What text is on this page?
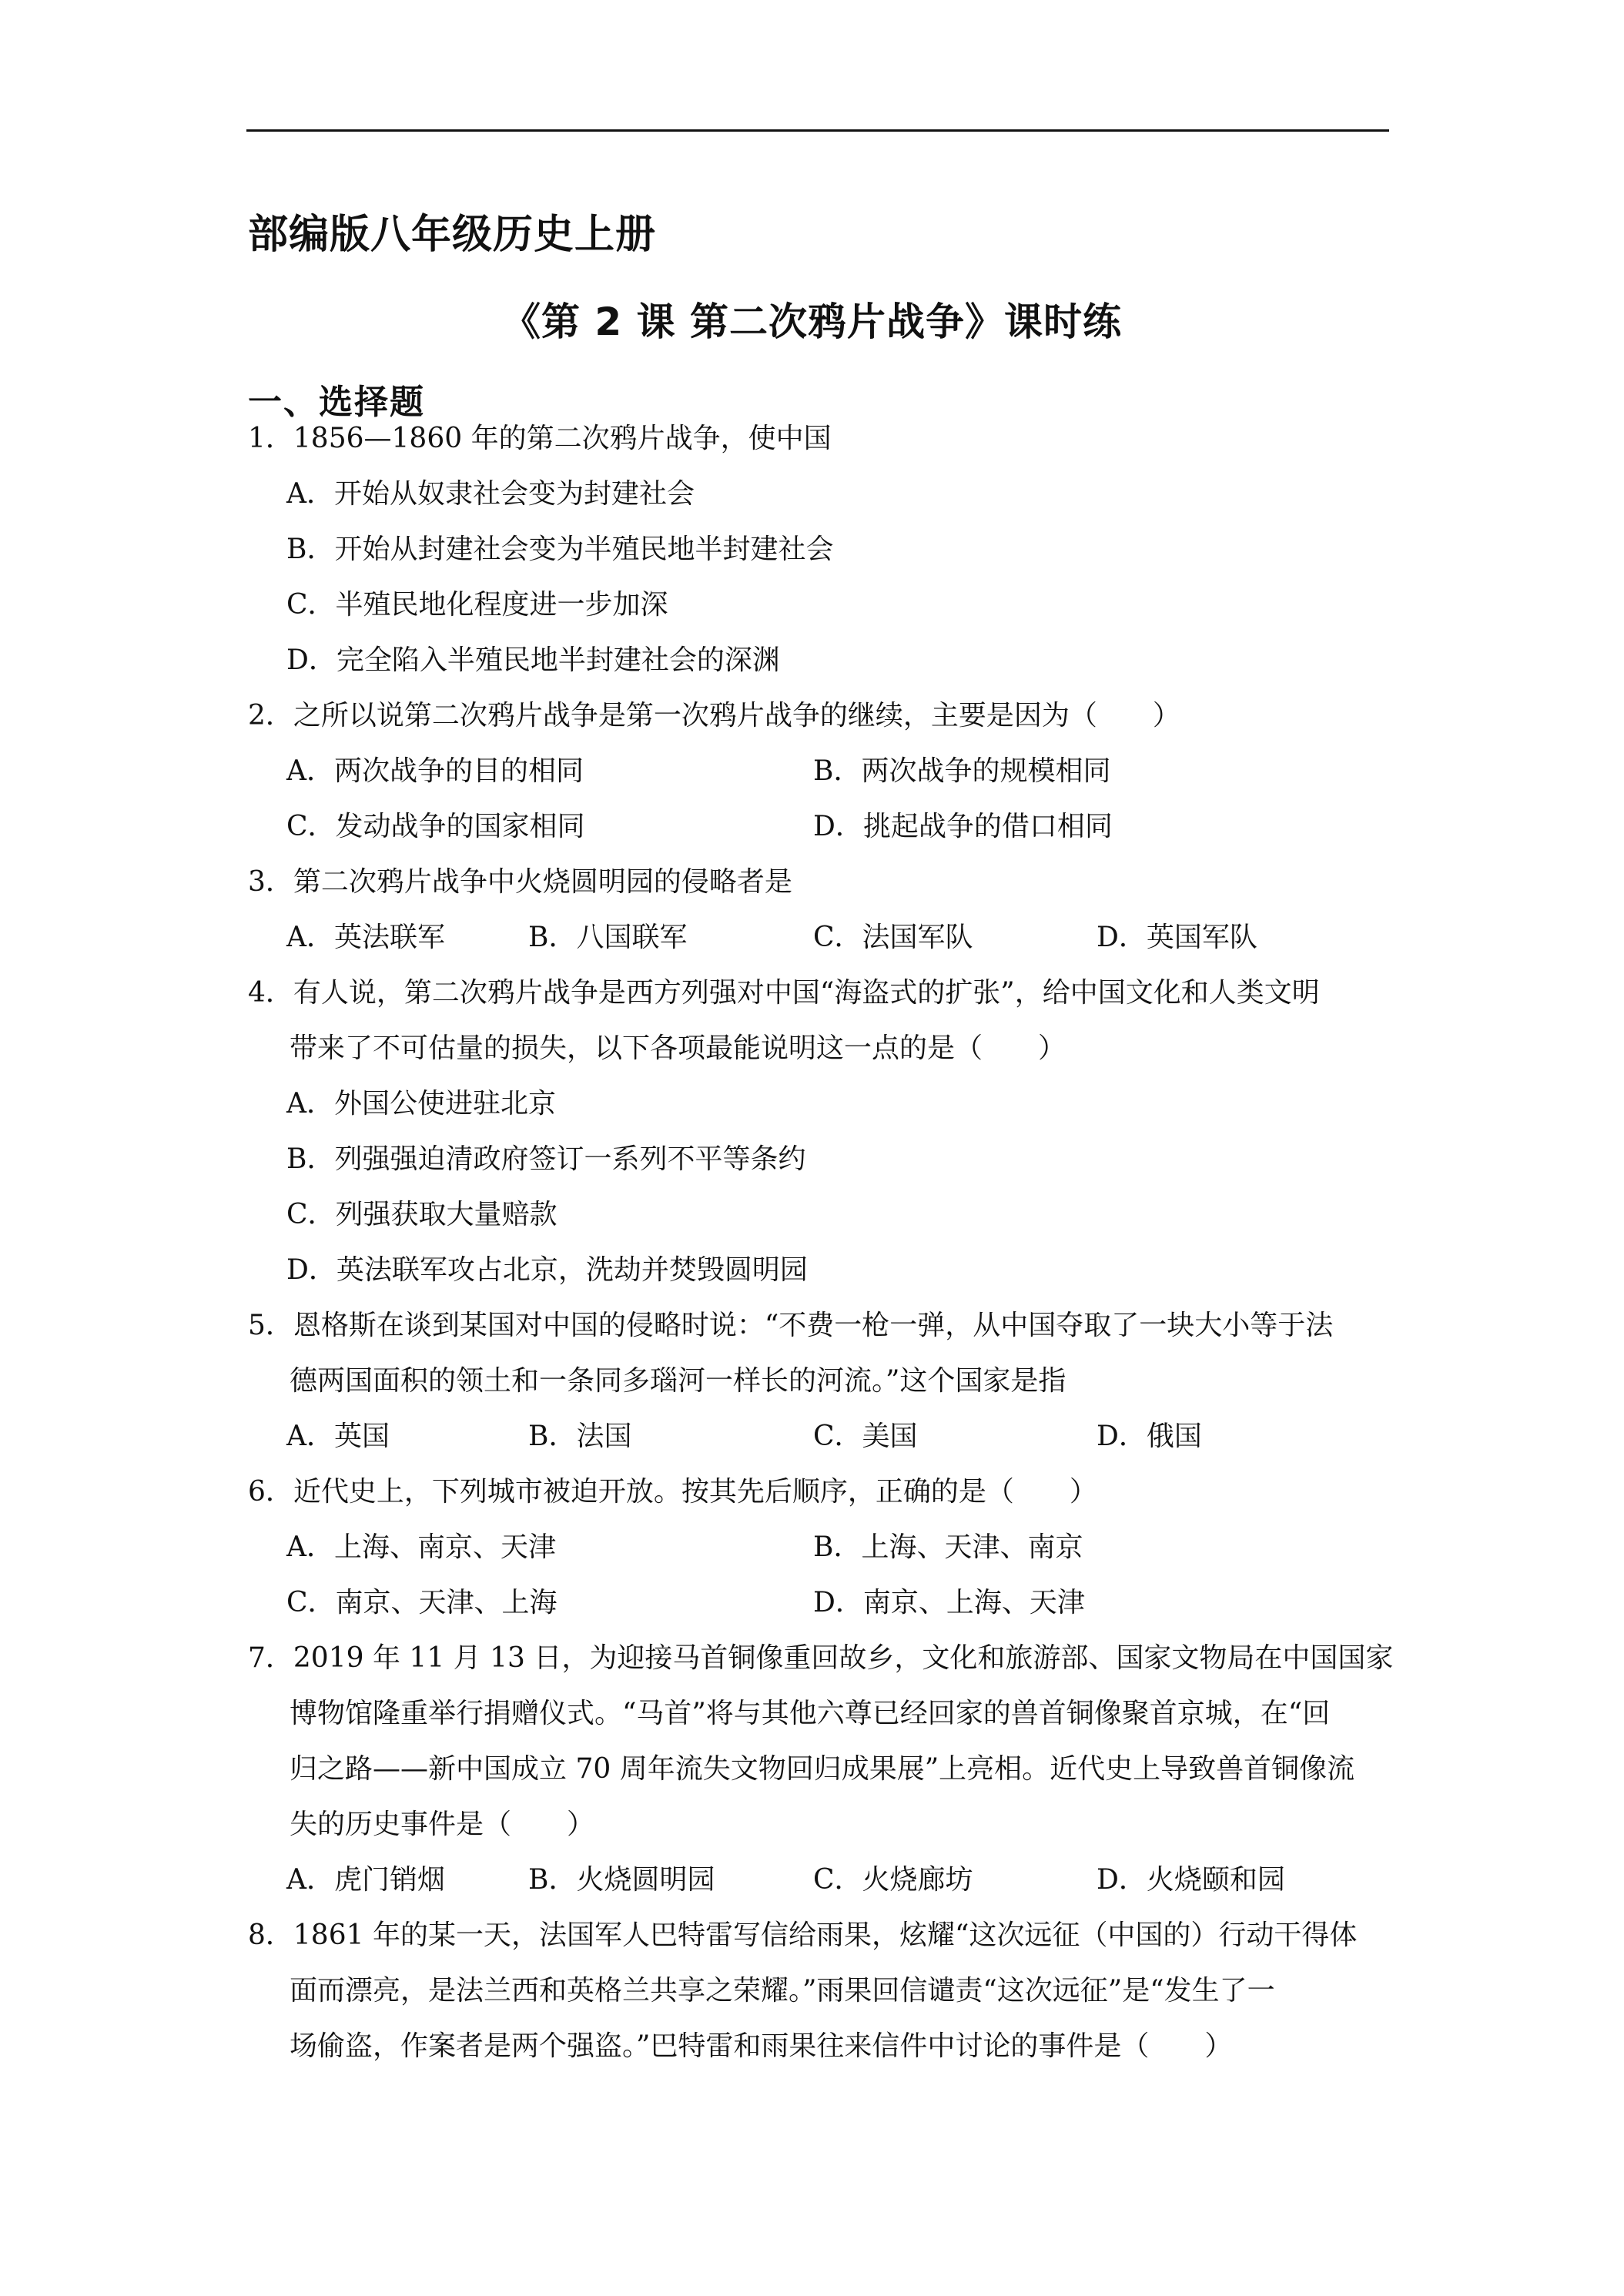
部编版八年级历史上册
《第 2 课 第二次鸦片战争》课时练
一、选择题
1．1856—1860 年的第二次鸦片战争，使中国
A．开始从奴隶社会变为封建社会
B．开始从封建社会变为半殖民地半封建社会
C．半殖民地化程度进一步加深
D．完全陷入半殖民地半封建社会的深渊
2．之所以说第二次鸦片战争是第一次鸦片战争的继续，主要是因为（　　）
A．两次战争的目的相同	B．两次战争的规模相同
C．发动战争的国家相同	D．挑起战争的借口相同
3．第二次鸦片战争中火烧圆明园的侵略者是
A．英法联军	B．八国联军	C．法国军队	D．英国军队
4．有人说，第二次鸦片战争是西方列强对中国“海盗式的扩张”，给中国文化和人类文明
带来了不可估量的损失，以下各项最能说明这一点的是（　　）
A．外国公使进驻北京
B．列强强迫清政府签订一系列不平等条约
C．列强获取大量赔款
D．英法联军攻占北京，洗劫并焚毁圆明园
5．恩格斯在谈到某国对中国的侵略时说：“不费一枪一弹，从中国夺取了一块大小等于法
德两国面积的领土和一条同多瑙河一样长的河流。”这个国家是指
A．英国	B．法国	C．美国	D．俄国
6．近代史上，下列城市被迫开放。按其先后顺序，正确的是（　　）
A．上海、南京、天津	B．上海、天津、南京
C．南京、天津、上海	D．南京、上海、天津
7．2019 年 11 月 13 日，为迎接马首铜像重回故乡，文化和旅游部、国家文物局在中国国家
博物馆隆重举行捐赠仪式。“马首”将与其他六尊已经回家的兽首铜像聚首京城，在“回
归之路——新中国成立 70 周年流失文物回归成果展”上亮相。近代史上导致兽首铜像流
失的历史事件是（　　）
A．虎门销烟	B．火烧圆明园	C．火烧廊坊	D．火烧颐和园
8．1861 年的某一天，法国军人巴特雷写信给雨果，炫耀“这次远征（中国的）行动干得体
面而漂亮，是法兰西和英格兰共享之荣耀。”雨果回信谴责“这次远征”是“发生了一
场偷盗，作案者是两个强盗。”巴特雷和雨果往来信件中讨论的事件是（　　）
